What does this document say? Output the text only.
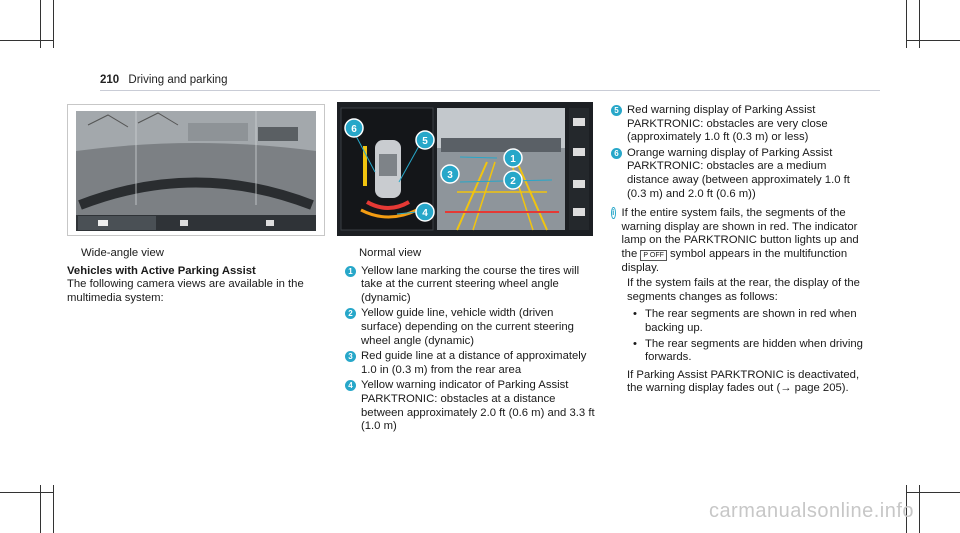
210 Driving and parking
1
2
3
4
5
6

Wide-angle view

Vehicles with Active Parking Assist

The following camera views are available in the multimedia system:

Normal view

1 Yellow lane marking the course the tires will take at the current steering wheel angle (dynamic)
2 Yellow guide line, vehicle width (driven surface) depending on the current steering wheel angle (dynamic)
3 Red guide line at a distance of approximately 1.0 in (0.3 m) from the rear area
4 Yellow warning indicator of Parking Assist PARKTRONIC: obstacles at a distance between approximately 2.0 ft (0.6 m) and 3.3 ft (1.0 m)
5 Red warning display of Parking Assist PARKTRONIC: obstacles are very close (approximately 1.0 ft (0.3 m) or less)
6 Orange warning display of Parking Assist PARKTRONIC: obstacles are a medium distance away (between approximately 1.0 ft (0.3 m) and 2.0 ft (0.6 m))
i If the entire system fails, the segments of the warning display are shown in red. The indicator lamp on the PARKTRONIC button lights up and the P OFF symbol appears in the multifunction display.

If the system fails at the rear, the display of the segments changes as follows:

• The rear segments are shown in red when backing up.
• The rear segments are hidden when driving forwards.

If Parking Assist PARKTRONIC is deactivated, the warning display fades out (→ page 205).

carmanualsonline.info
